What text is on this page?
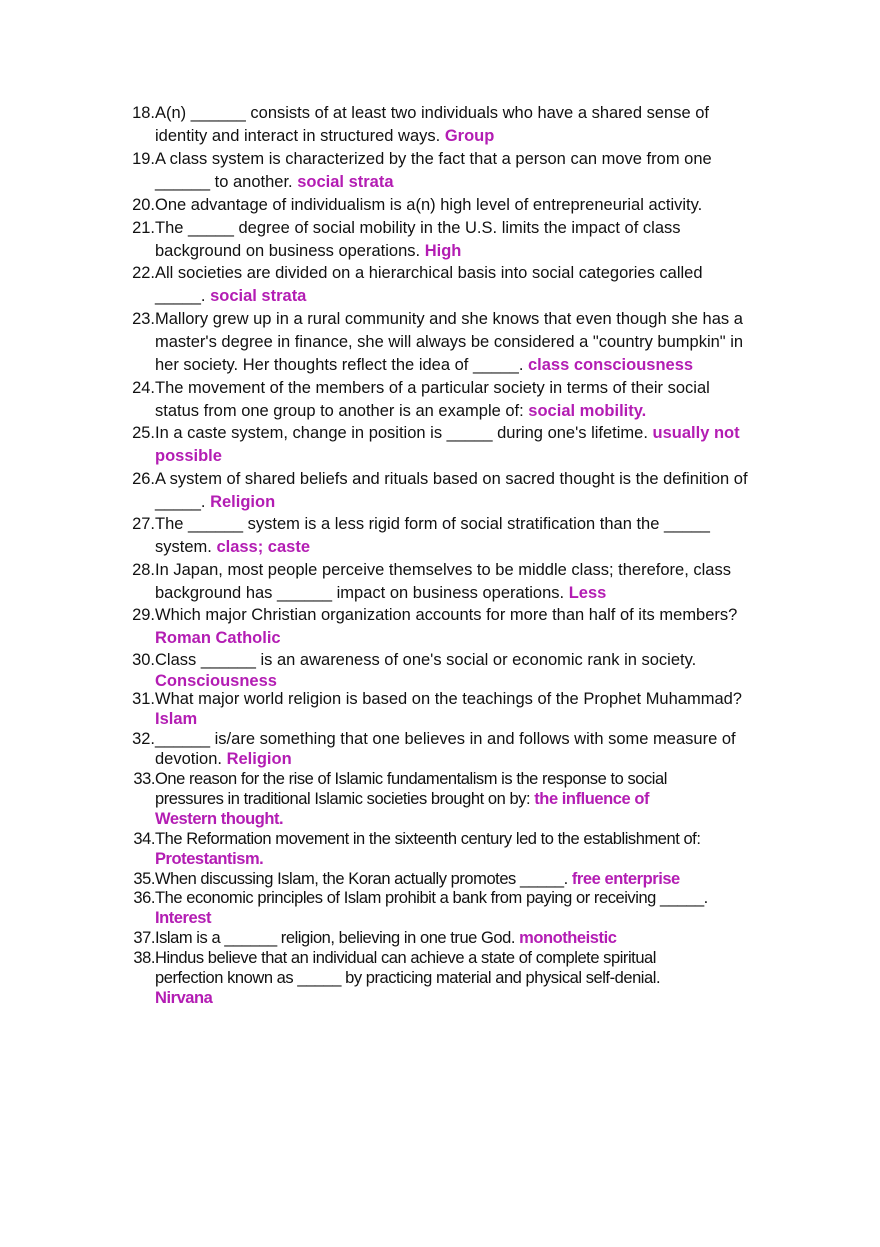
18. A(n) ______ consists of at least two individuals who have a shared sense of
identity and interact in structured ways. Group
19. A class system is characterized by the fact that a person can move from one
______ to another. social strata
20. One advantage of individualism is a(n) high level of entrepreneurial activity.
21. The _____ degree of social mobility in the U.S. limits the impact of class
background on business operations. High
22. All societies are divided on a hierarchical basis into social categories called
_____. social strata
23. Mallory grew up in a rural community and she knows that even though she has a
master's degree in finance, she will always be considered a "country bumpkin" in
her society. Her thoughts reflect the idea of _____. class consciousness
24. The movement of the members of a particular society in terms of their social
status from one group to another is an example of: social mobility.
25. In a caste system, change in position is _____ during one's lifetime. usually not
possible
26. A system of shared beliefs and rituals based on sacred thought is the definition of
_____. Religion
27. The ______ system is a less rigid form of social stratification than the _____
system. class; caste
28. In Japan, most people perceive themselves to be middle class; therefore, class
background has ______ impact on business operations. Less
29. Which major Christian organization accounts for more than half of its members?
Roman Catholic
30. Class ______ is an awareness of one's social or economic rank in society.
Consciousness
31. What major world religion is based on the teachings of the Prophet Muhammad?
Islam
32. ______ is/are something that one believes in and follows with some measure of
devotion. Religion
33. One reason for the rise of Islamic fundamentalism is the response to social
pressures in traditional Islamic societies brought on by: the influence of
Western thought.
34. The Reformation movement in the sixteenth century led to the establishment of:
Protestantism.
35. When discussing Islam, the Koran actually promotes _____. free enterprise
36. The economic principles of Islam prohibit a bank from paying or receiving _____.
Interest
37. Islam is a ______ religion, believing in one true God. monotheistic
38. Hindus believe that an individual can achieve a state of complete spiritual
perfection known as _____ by practicing material and physical self-denial.
Nirvana
